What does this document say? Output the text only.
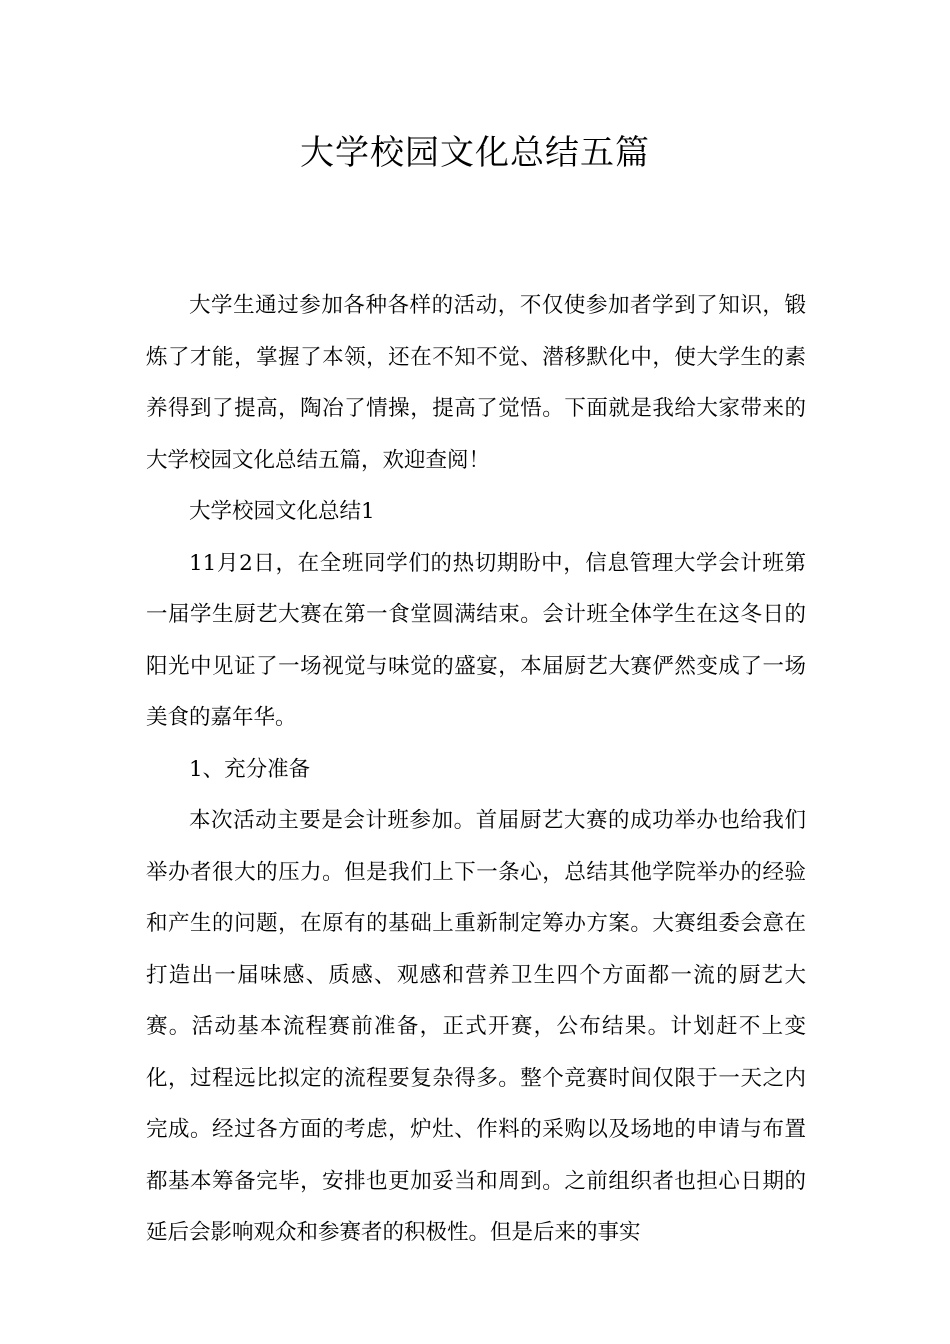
大学校园文化总结五篇

大学生通过参加各种各样的活动，不仅使参加者学到了知识，锻炼了才能，掌握了本领，还在不知不觉、潜移默化中，使大学生的素养得到了提高，陶冶了情操，提高了觉悟。下面就是我给大家带来的大学校园文化总结五篇，欢迎查阅！

大学校园文化总结1

11月2日，在全班同学们的热切期盼中，信息管理大学会计班第一届学生厨艺大赛在第一食堂圆满结束。会计班全体学生在这冬日的阳光中见证了一场视觉与味觉的盛宴，本届厨艺大赛俨然变成了一场美食的嘉年华。

1、充分准备

本次活动主要是会计班参加。首届厨艺大赛的成功举办也给我们举办者很大的压力。但是我们上下一条心，总结其他学院举办的经验和产生的问题，在原有的基础上重新制定筹办方案。大赛组委会意在打造出一届味感、质感、观感和营养卫生四个方面都一流的厨艺大赛。活动基本流程赛前准备，正式开赛，公布结果。计划赶不上变化，过程远比拟定的流程要复杂得多。整个竞赛时间仅限于一天之内完成。经过各方面的考虑，炉灶、作料的采购以及场地的申请与布置都基本筹备完毕，安排也更加妥当和周到。之前组织者也担心日期的延后会影响观众和参赛者的积极性。但是后来的事实
